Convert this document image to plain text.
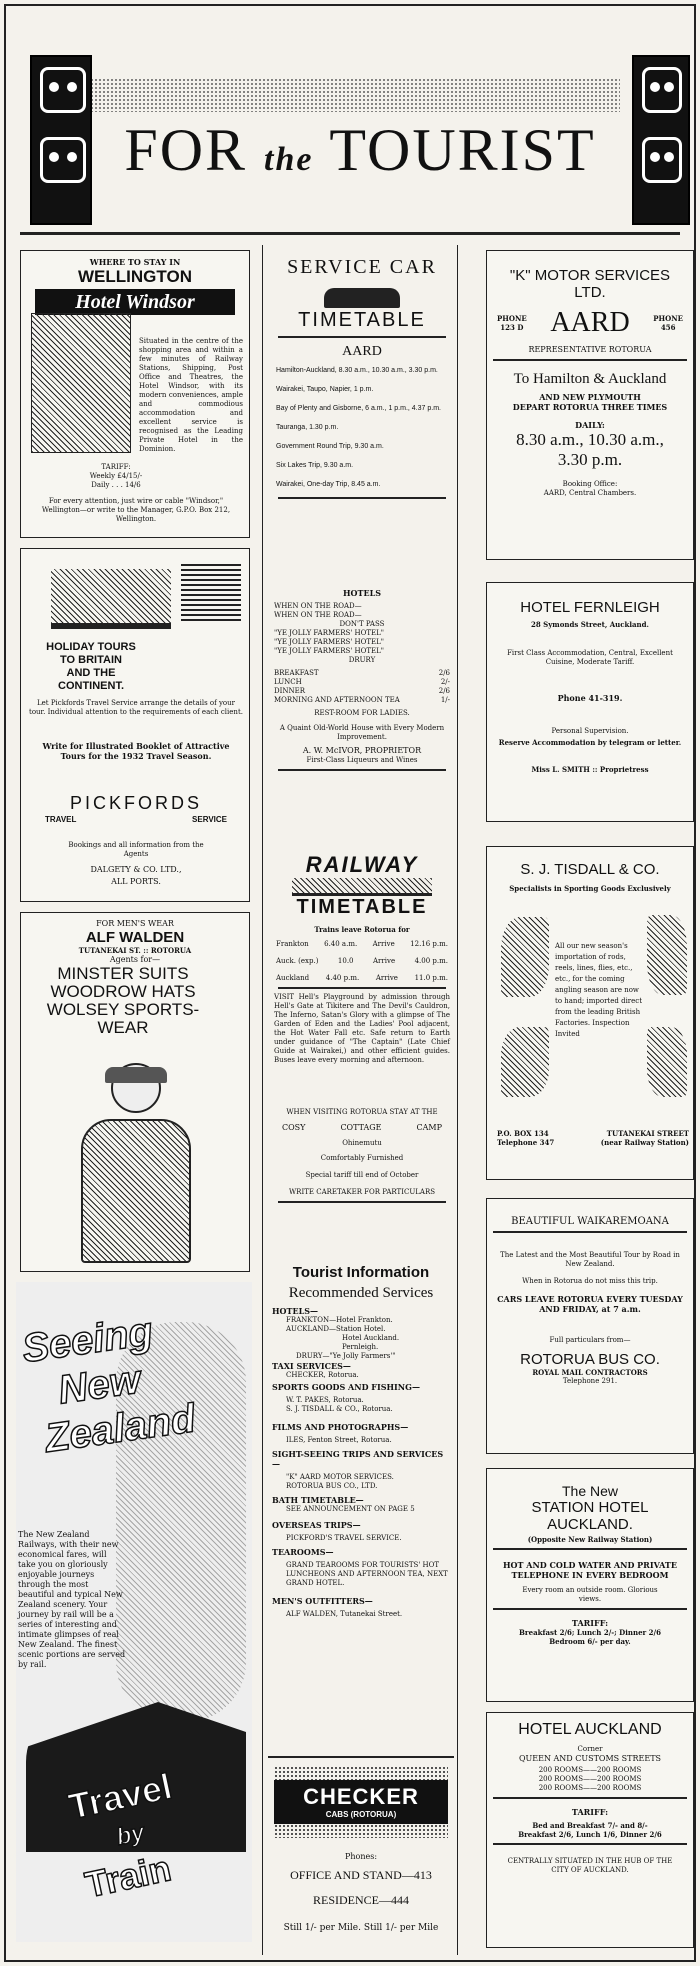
FOR the TOURIST
WHERE TO STAY IN
WELLINGTON
Hotel Windsor
Situated in the centre of the shopping area and within a few minutes of Railway Stations, Shipping, Post Office and Theatres, the Hotel Windsor, with its modern conveniences, ample and commodious accommodation and excellent service is recognised as the Leading Private Hotel in the Dominion.
TARIFF:
Weekly £4/15/-
Daily . . . 14/6
For every attention, just wire or cable "Windsor," Wellington—or write to the Manager, G.P.O. Box 212, Wellington.
HOLIDAY TOURS
TO BRITAIN
AND THE
CONTINENT.
Let Pickfords Travel Service arrange the details of your tour. Individual attention to the requirements of each client.
Write for Illustrated Booklet of Attractive Tours for the 1932 Travel Season.
PICKFORDS
TRAVEL	SERVICE
Bookings and all information from the Agents
DALGETY & CO. LTD.,
ALL PORTS.
FOR MEN'S WEAR
ALF WALDEN
TUTANEKAI ST. :: ROTORUA
Agents for—
MINSTER SUITS
WOODROW HATS
WOLSEY SPORTS-
WEAR
Seeing
New
Zealand
The New Zealand Railways, with their new economical fares, will take you on gloriously enjoyable journeys through the most beautiful and typical New Zealand scenery. Your journey by rail will be a series of interesting and intimate glimpses of real New Zealand. The finest scenic portions are served by rail.
Travel
by
Train
SERVICE CAR
TIMETABLE
AARD

Hamilton-Auckland, 8.30 a.m., 10.30 a.m., 3.30 p.m.

Wairakei, Taupo, Napier, 1 p.m.

Bay of Plenty and Gisborne, 6 a.m., 1 p.m., 4.37 p.m.

Tauranga, 1.30 p.m.

Government Round Trip, 9.30 a.m.

Six Lakes Trip, 9.30 a.m.

Wairakei, One-day Trip, 8.45 a.m.

HOTELS

WHEN ON THE ROAD—

WHEN ON THE ROAD—

DON'T PASS

"YE JOLLY FARMERS' HOTEL"

"YE JOLLY FARMERS' HOTEL"

"YE JOLLY FARMERS' HOTEL"

DRURY

BREAKFAST	2/6
LUNCH	2/-
DINNER	2/6
MORNING AND AFTERNOON TEA	1/-
REST-ROOM FOR LADIES.
A Quaint Old-World House with Every Modern Improvement.
A. W. McIVOR, PROPRIETOR
First-Class Liqueurs and Wines
RAILWAY
TIMETABLE
Trains leave Rotorua for
Frankton 6.40 a.m. Arrive 12.16 p.m.
Auck. (exp.)	10.0	Arrive	4.00 p.m.
Auckland 4.40 p.m. Arrive 11.0 p.m.
VISIT Hell's Playground by admission through Hell's Gate at Tikitere and The Devil's Cauldron, The Inferno, Satan's Glory with a glimpse of The Garden of Eden and the Ladies' Pool adjacent, the Hot Water Fall etc. Safe return to Earth under guidance of "The Captain" (Late Chief Guide at Wairakei,) and other efficient guides. Buses leave every morning and afternoon.
WHEN VISITING ROTORUA STAY AT THE
COSY	COTTAGE	CAMP
Ohinemutu
Comfortably Furnished
Special tariff till end of October
WRITE CARETAKER FOR PARTICULARS
Tourist Information
Recommended Services

HOTELS—

FRANKTON—Hotel Frankton.

AUCKLAND—Station Hotel.

Hotel Auckland.

Pernleigh.

DRURY—"Ye Jolly Farmers'"

TAXI SERVICES—

CHECKER, Rotorua.

SPORTS GOODS AND FISHING—

W. T. PAKES, Rotorua.

S. J. TISDALL & CO., Rotorua.

FILMS AND PHOTOGRAPHS—

ILES, Fenton Street, Rotorua.

SIGHT-SEEING TRIPS AND SERVICES—

"K" AARD MOTOR SERVICES.

ROTORUA BUS CO., LTD.

BATH TIMETABLE—

SEE ANNOUNCEMENT ON PAGE 5

OVERSEAS TRIPS—

PICKFORD'S TRAVEL SERVICE.

TEAROOMS—

GRAND TEAROOMS FOR TOURISTS' HOT LUNCHEONS AND AFTERNOON TEA, NEXT GRAND HOTEL.

MEN'S OUTFITTERS—

ALF WALDEN, Tutanekai Street.

CHECKER
CABS (ROTORUA)
Phones:
OFFICE AND STAND—413
RESIDENCE—444
Still 1/- per Mile. Still 1/- per Mile
"K" MOTOR SERVICES
LTD.
PHONE
123 D AARD	PHONE
456
REPRESENTATIVE ROTORUA
To Hamilton & Auckland
AND NEW PLYMOUTH
DEPART ROTORUA THREE TIMES
DAILY:
8.30 a.m., 10.30 a.m.,
3.30 p.m.
Booking Office:
AARD, Central Chambers.
HOTEL FERNLEIGH
28 Symonds Street, Auckland.
First Class Accommodation, Central, Excellent Cuisine, Moderate Tariff.
Phone 41-319.
Personal Supervision.
Reserve Accommodation by telegram or letter.
Miss L. SMITH :: Proprietress
S. J. TISDALL & CO.
Specialists in Sporting Goods Exclusively
All our new season's importation of rods, reels, lines, flies, etc., etc., for the coming angling season are now to hand; imported direct from the leading British Factories. Inspection Invited
P.O. BOX 134
Telephone 347
TUTANEKAI STREET
(near Railway Station)
BEAUTIFUL WAIKAREMOANA
The Latest and the Most Beautiful Tour by Road in New Zealand.
When in Rotorua do not miss this trip.
CARS LEAVE ROTORUA EVERY TUESDAY AND FRIDAY, at 7 a.m.
Full particulars from—
ROTORUA BUS CO.
ROYAL MAIL CONTRACTORS
Telephone 291.
The New
STATION HOTEL
AUCKLAND.
(Opposite New Railway Station)
HOT AND COLD WATER AND PRIVATE TELEPHONE IN EVERY BEDROOM
Every room an outside room. Glorious views.
TARIFF:
Breakfast 2/6; Lunch 2/-; Dinner 2/6
Bedroom 6/- per day.
HOTEL AUCKLAND
Corner
QUEEN AND CUSTOMS STREETS
200 ROOMS——200 ROOMS
200 ROOMS——200 ROOMS
200 ROOMS——200 ROOMS
TARIFF:
Bed and Breakfast 7/- and 8/-
Breakfast 2/6, Lunch 1/6, Dinner 2/6
CENTRALLY SITUATED IN THE HUB OF THE CITY OF AUCKLAND.
